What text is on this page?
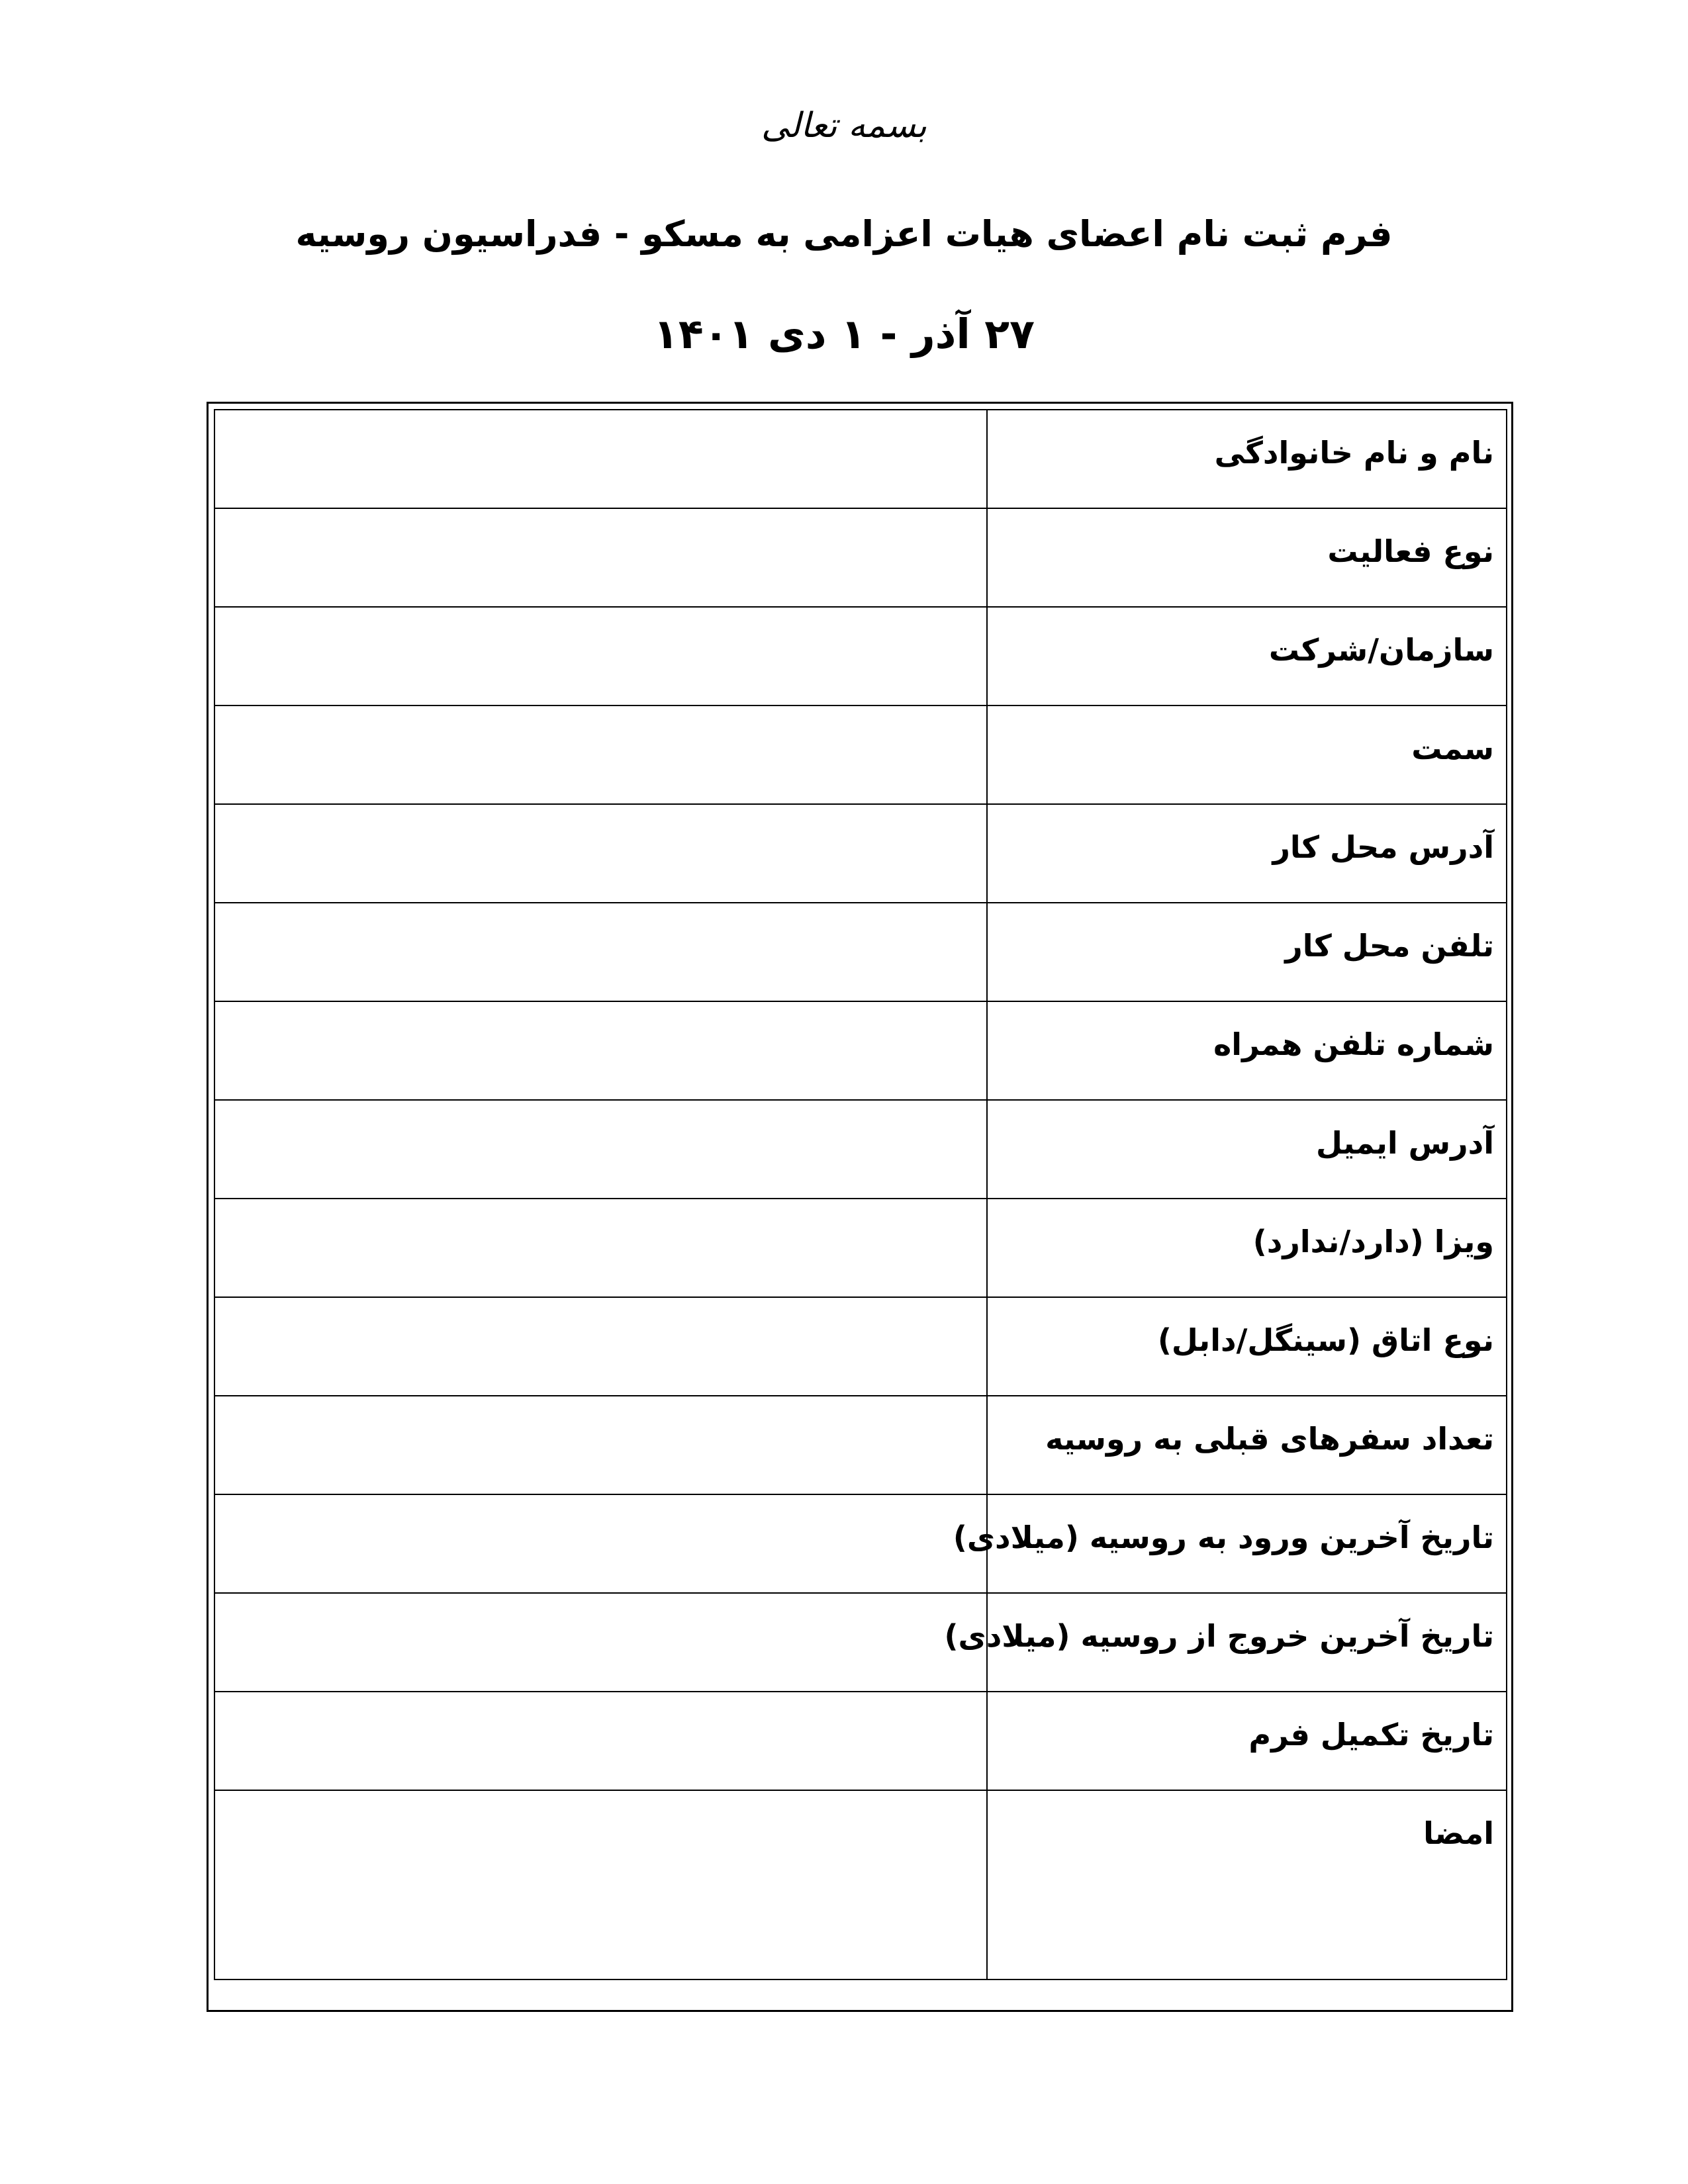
بسمه تعالی
فرم ثبت نام اعضای هیات اعزامی به مسکو - فدراسیون روسیه
۲۷ آذر - ۱ دی ۱۴۰۱
نام و نام خانوادگی	

نوع فعالیت	

سازمان/شرکت	

سمت	

آدرس محل کار	

تلفن محل کار	

شماره تلفن همراه	

آدرس ایمیل	

ویزا (دارد/ندارد)	

نوع اتاق (سینگل/دابل)	

تعداد سفرهای قبلی به روسیه	

تاریخ آخرین ورود به روسیه (میلادی)	

تاریخ آخرین خروج از روسیه (میلادی)	

تاریخ تکمیل فرم	

امضا	
